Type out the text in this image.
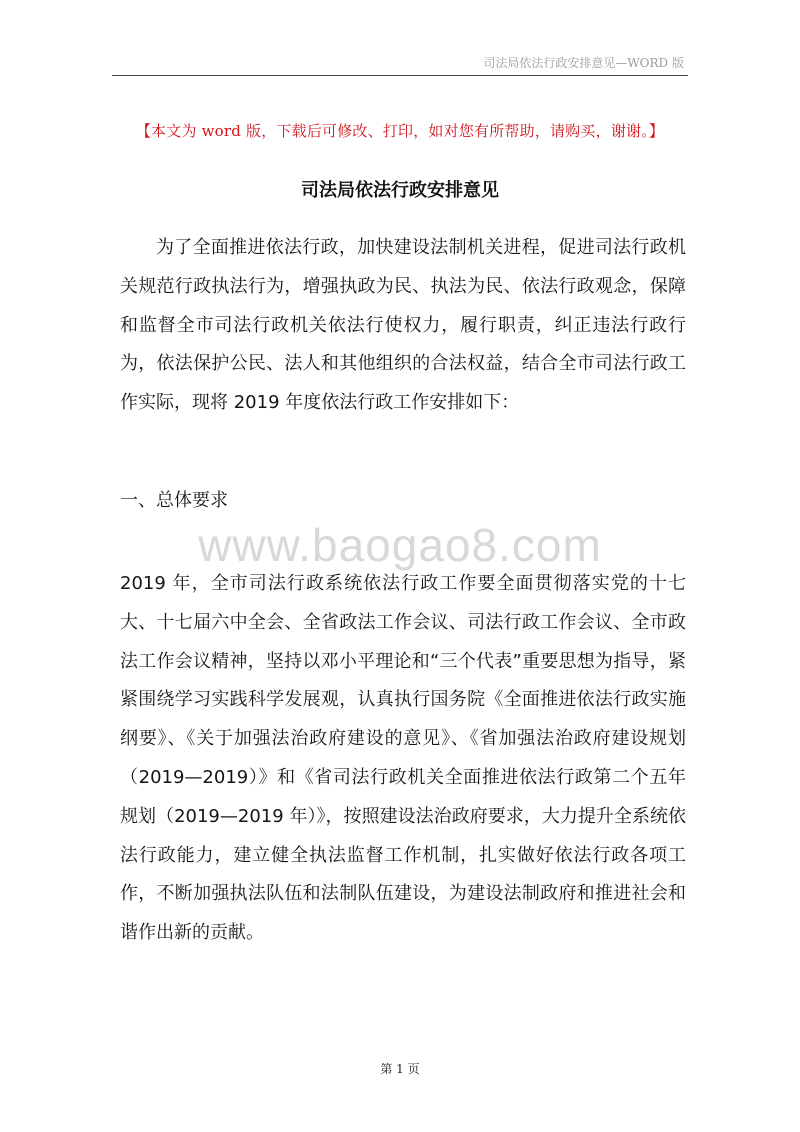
司法局依法行政安排意见—WORD 版
【本文为 word 版，下载后可修改、打印，如对您有所帮助，请购买，谢谢。】
司法局依法行政安排意见
为了全面推进依法行政，加快建设法制机关进程，促进司法行政机关规范行政执法行为，增强执政为民、执法为民、依法行政观念，保障和监督全市司法行政机关依法行使权力，履行职责，纠正违法行政行为，依法保护公民、法人和其他组织的合法权益，结合全市司法行政工作实际，现将 2019 年度依法行政工作安排如下：
一、总体要求
www.baogao8.com
2019 年，全市司法行政系统依法行政工作要全面贯彻落实党的十七大、十七届六中全会、全省政法工作会议、司法行政工作会议、全市政法工作会议精神，坚持以邓小平理论和“三个代表”重要思想为指导，紧紧围绕学习实践科学发展观，认真执行国务院《全面推进依法行政实施纲要》、《关于加强法治政府建设的意见》、《省加强法治政府建设规划（2019—2019）》和《省司法行政机关全面推进依法行政第二个五年规划（2019—2019 年）》，按照建设法治政府要求，大力提升全系统依法行政能力，建立健全执法监督工作机制，扎实做好依法行政各项工作，不断加强执法队伍和法制队伍建设，为建设法制政府和推进社会和谐作出新的贡献。
第 1 页
